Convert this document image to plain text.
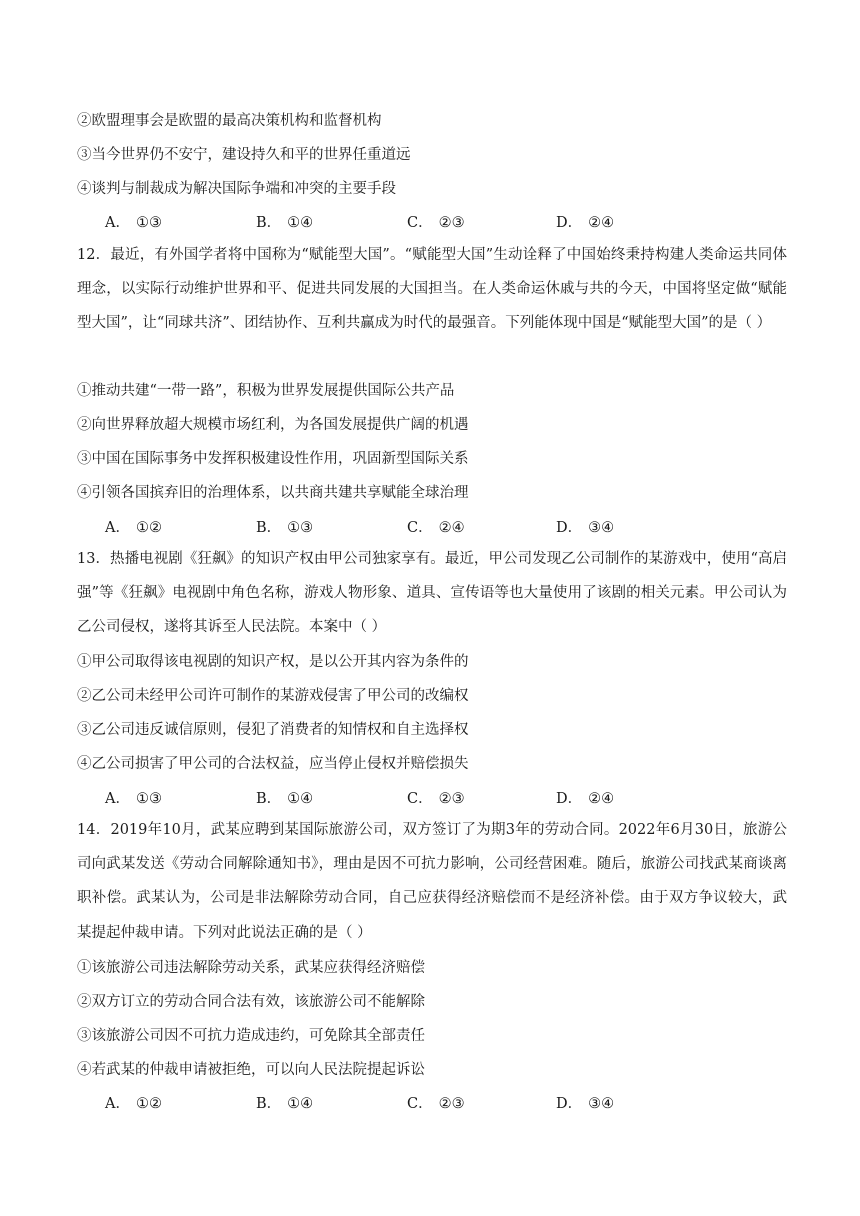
②欧盟理事会是欧盟的最高决策机构和监督机构
③当今世界仍不安宁，建设持久和平的世界任重道远
④谈判与制裁成为解决国际争端和冲突的主要手段
A． ①③	B． ①④	C． ②③	D． ②④
12．最近，有外国学者将中国称为“赋能型大国”。“赋能型大国”生动诠释了中国始终秉持构建人类命运共同体理念，以实际行动维护世界和平、促进共同发展的大国担当。在人类命运休戚与共的今天，中国将坚定做“赋能型大国”，让“同球共济”、团结协作、互利共赢成为时代的最强音。下列能体现中国是“赋能型大国”的是（ ）
①推动共建“一带一路”，积极为世界发展提供国际公共产品
②向世界释放超大规模市场红利，为各国发展提供广阔的机遇
③中国在国际事务中发挥积极建设性作用，巩固新型国际关系
④引领各国摈弃旧的治理体系，以共商共建共享赋能全球治理
A． ①②	B． ①③	C． ②④	D． ③④
13．热播电视剧《狂飙》的知识产权由甲公司独家享有。最近，甲公司发现乙公司制作的某游戏中，使用“高启强”等《狂飙》电视剧中角色名称，游戏人物形象、道具、宣传语等也大量使用了该剧的相关元素。甲公司认为乙公司侵权，遂将其诉至人民法院。本案中（ ）
①甲公司取得该电视剧的知识产权，是以公开其内容为条件的
②乙公司未经甲公司许可制作的某游戏侵害了甲公司的改编权
③乙公司违反诚信原则，侵犯了消费者的知情权和自主选择权
④乙公司损害了甲公司的合法权益，应当停止侵权并赔偿损失
A． ①③	B． ①④	C． ②③	D． ②④
14．2019年10月，武某应聘到某国际旅游公司，双方签订了为期3年的劳动合同。2022年6月30日，旅游公司向武某发送《劳动合同解除通知书》，理由是因不可抗力影响，公司经营困难。随后，旅游公司找武某商谈离职补偿。武某认为，公司是非法解除劳动合同，自己应获得经济赔偿而不是经济补偿。由于双方争议较大，武某提起仲裁申请。下列对此说法正确的是（ ）
①该旅游公司违法解除劳动关系，武某应获得经济赔偿
②双方订立的劳动合同合法有效，该旅游公司不能解除
③该旅游公司因不可抗力造成违约，可免除其全部责任
④若武某的仲裁申请被拒绝，可以向人民法院提起诉讼
A． ①②	B． ①④	C． ②③	D． ③④
